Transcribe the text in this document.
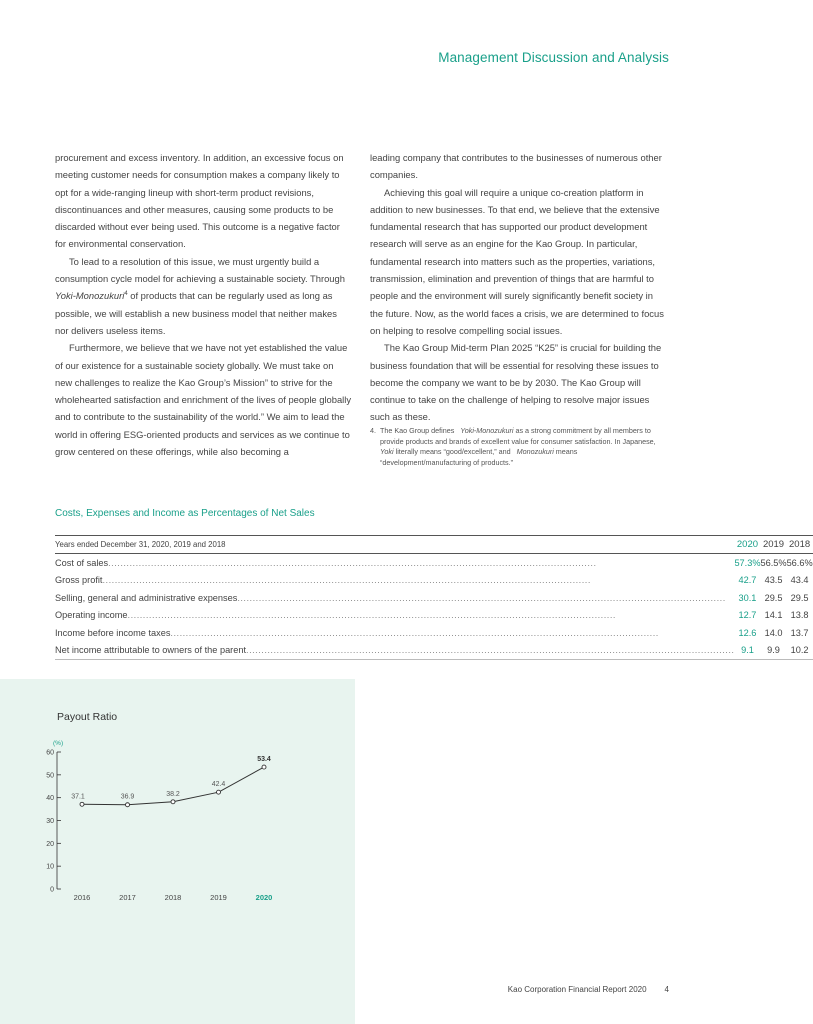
Management Discussion and Analysis

procurement and excess inventory. In addition, an excessive focus on meeting customer needs for consumption makes a company likely to opt for a wide-ranging lineup with short-term product revisions, discontinuances and other measures, causing some products to be discarded without ever being used. This outcome is a negative factor for environmental conservation.

To lead to a resolution of this issue, we must urgently build a consumption cycle model for achieving a sustainable society. Through Yoki-Monozukuri$^4$ of products that can be regularly used as long as possible, we will establish a new business model that neither makes nor delivers useless items.

Furthermore, we believe that we have not yet established the value of our existence for a sustainable society globally. We must take on new challenges to realize the Kao Group’s Mission” to strive for the wholehearted satisfaction and enrichment of the lives of people globally and to contribute to the sustainability of the world.” We aim to lead the world in offering ESG-oriented products and services as we continue to grow centered on these offerings, while also becoming a

leading company that contributes to the businesses of numerous other companies.

Achieving this goal will require a unique co-creation platform in addition to new businesses. To that end, we believe that the extensive fundamental research that has supported our product development research will serve as an engine for the Kao Group. In particular, fundamental research into matters such as the properties, variations, transmission, elimination and prevention of things that are harmful to people and the environment will surely significantly benefit society in the future. Now, as the world faces a crisis, we are determined to focus on helping to resolve compelling social issues.

The Kao Group Mid-term Plan 2025 “K25” is crucial for building the business foundation that will be essential for resolving these issues to become the company we want to be by 2030. The Kao Group will continue to take on the challenge of helping to resolve major issues such as these.

4. The Kao Group defines Yoki-Monozukuri as a strong commitment by all members to provide products and brands of excellent value for consumer satisfaction. In Japanese, Yoki literally means “good/excellent,” and Monozukuri means “development/manufacturing of products.”

Costs, Expenses and Income as Percentages of Net Sales
Years ended December 31, 2020, 2019 and 2018	2020	2019	2018
Cost of sales................................................................................................................................................................	57.3%	56.5%	56.6%
Gross profit................................................................................................................................................................	42.7	43.5	43.4
Selling, general and administrative expenses................................................................................................................................................................	30.1	29.5	29.5
Operating income................................................................................................................................................................	12.7	14.1	13.8
Income before income taxes................................................................................................................................................................	12.6	14.0	13.7
Net income attributable to owners of the parent................................................................................................................................................................	9.1	9.9	10.2
Payout Ratio
0
10
20
30
40
50
60
(%)
37.1
2016
36.9
2017
38.2
2018
42.4
2019
53.4
2020
Kao Corporation Financial Report 2020 4
